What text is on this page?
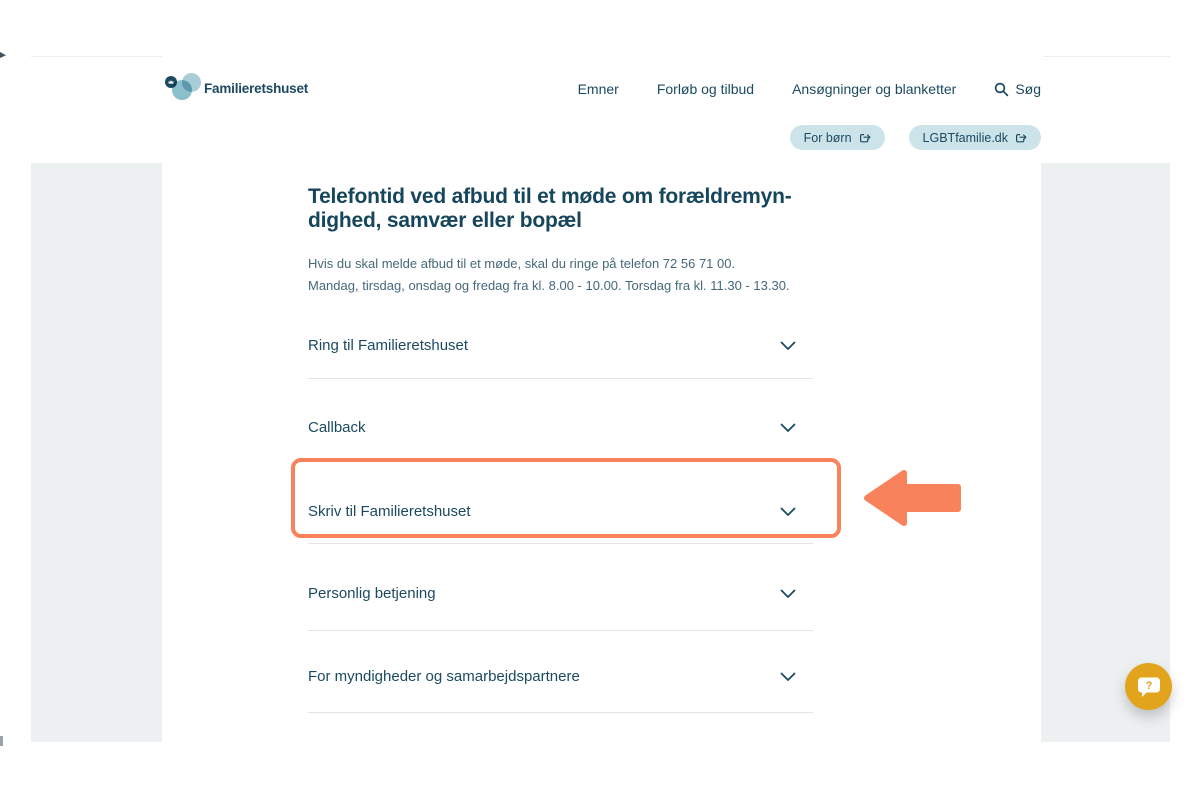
Familieretshuset	Emner	Forløb og tilbud	Ansøgninger og blanketter	Søg
For børn	LGBTfamilie.dk
Telefontid ved afbud til et møde om forældremyn-
dighed, samvær eller bopæl

Hvis du skal melde afbud til et møde, skal du ringe på telefon 72 56 71 00.
Mandag, tirsdag, onsdag og fredag fra kl. 8.00 - 10.00. Torsdag fra kl. 11.30 - 13.30.

Ring til Familieretshuset
Callback
Skriv til Familieretshuset
Personlig betjening
For myndigheder og samarbejdspartnere
?
